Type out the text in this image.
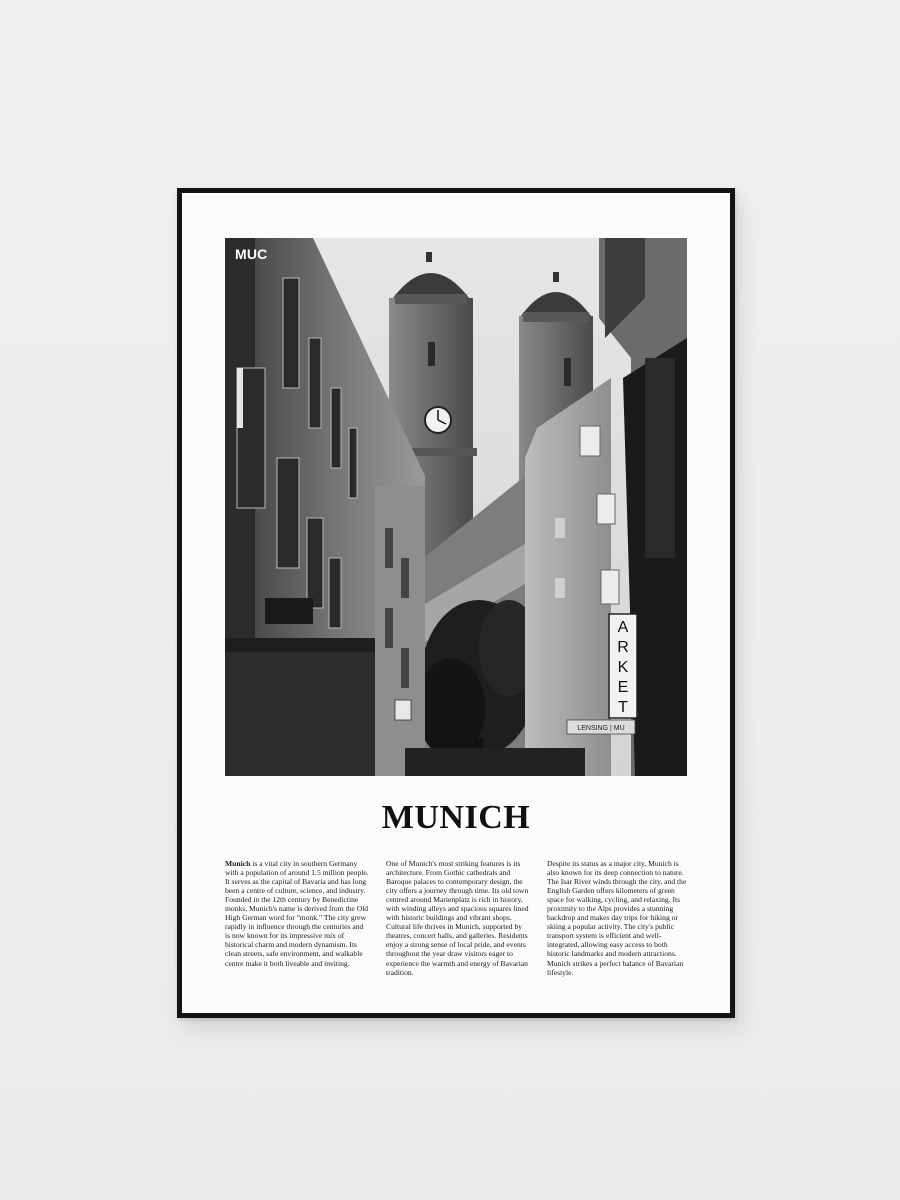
A
R
K
E
T
LENSING | MU
MUC
MUNICH

Munich is a vital city in southern Germany with a population of around 1.5 million people. It serves as the capital of Bavaria and has long been a centre of culture, science, and industry. Founded in the 12th century by Benedictine monks, Munich's name is derived from the Old High German word for "monk." The city grew rapidly in influence through the centuries and is now known for its impressive mix of historical charm and modern dynamism. Its clean streets, safe environment, and walkable centre make it both liveable and inviting.

One of Munich's most striking features is its architecture. From Gothic cathedrals and Baroque palaces to contemporary design, the city offers a journey through time. Its old town centred around Marienplatz is rich in history, with winding alleys and spacious squares lined with historic buildings and vibrant shops. Cultural life thrives in Munich, supported by theatres, concert halls, and galleries. Residents enjoy a strong sense of local pride, and events throughout the year draw visitors eager to experience the warmth and energy of Bavarian tradition.

Despite its status as a major city, Munich is also known for its deep connection to nature. The Isar River winds through the city, and the English Garden offers kilometers of green space for walking, cycling, and relaxing. Its proximity to the Alps provides a stunning backdrop and makes day trips for hiking or skiing a popular activity. The city's public transport system is efficient and well-integrated, allowing easy access to both historic landmarks and modern attractions. Munich strikes a perfect balance of Bavarian lifestyle.
